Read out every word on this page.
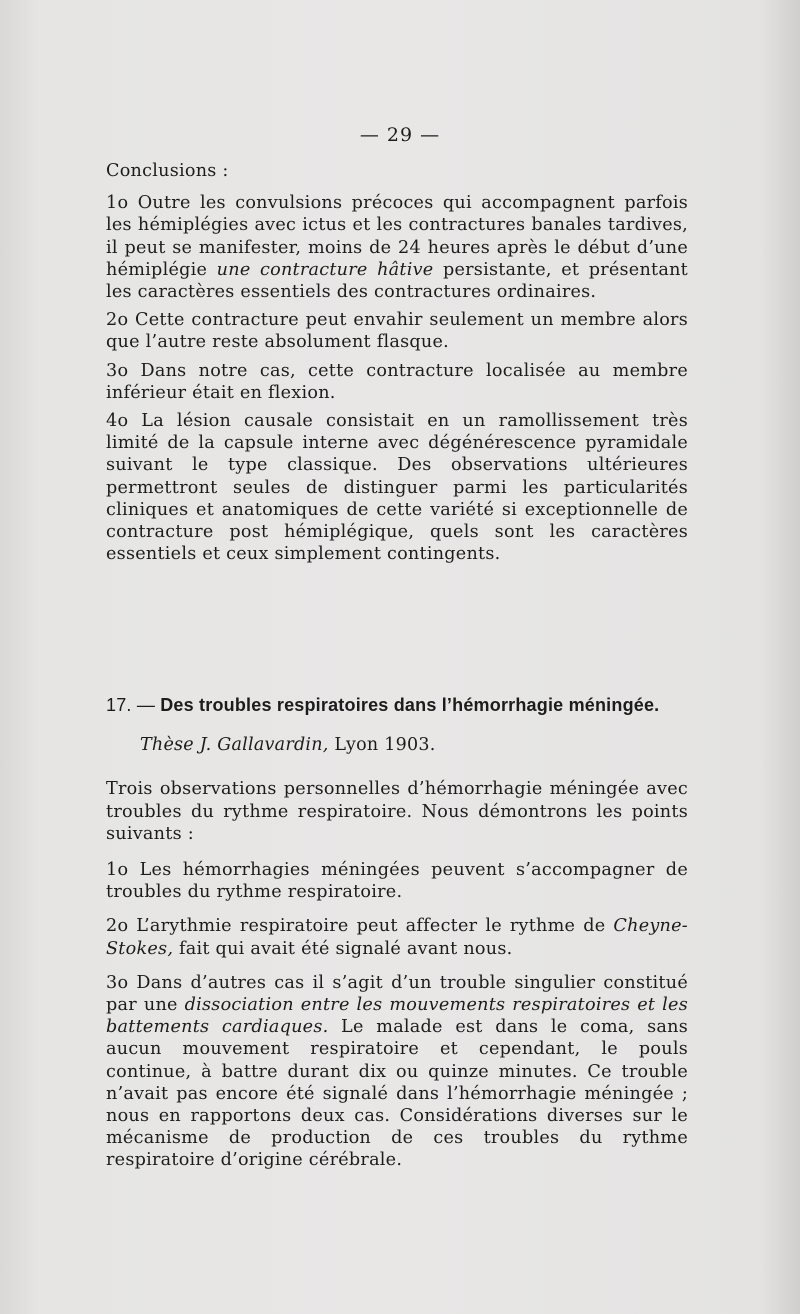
— 29 —

Conclusions :

1o Outre les convulsions précoces qui accompagnent parfois les hémiplégies avec ictus et les contractures banales tardives, il peut se manifester, moins de 24 heures après le début d’une hémiplégie une contracture hâtive persistante, et présentant les caractères essentiels des contractures ordinaires.

2o Cette contracture peut envahir seulement un membre alors que l’autre reste absolument flasque.

3o Dans notre cas, cette contracture localisée au membre inférieur était en flexion.

4o La lésion causale consistait en un ramollissement très limité de la capsule interne avec dégénérescence pyramidale suivant le type classique. Des observations ultérieures permettront seules de distinguer parmi les particularités cliniques et anatomiques de cette variété si exceptionnelle de contracture post hémiplégique, quels sont les caractères essentiels et ceux simplement contingents.

17. — Des troubles respiratoires dans l’hémorrhagie méningée.

Thèse J. Gallavardin, Lyon 1903.

Trois observations personnelles d’hémorrhagie méningée avec troubles du rythme respiratoire. Nous démontrons les points suivants :

1o Les hémorrhagies méningées peuvent s’accompagner de troubles du rythme respiratoire.

2o L’arythmie respiratoire peut affecter le rythme de Cheyne-Stokes, fait qui avait été signalé avant nous.

3o Dans d’autres cas il s’agit d’un trouble singulier constitué par une dissociation entre les mouvements respiratoires et les battements cardiaques. Le malade est dans le coma, sans aucun mouvement respiratoire et cependant, le pouls continue, à battre durant dix ou quinze minutes. Ce trouble n’avait pas encore été signalé dans l’hémorrhagie méningée ; nous en rapportons deux cas. Considérations diverses sur le mécanisme de production de ces troubles du rythme respiratoire d’origine cérébrale.
